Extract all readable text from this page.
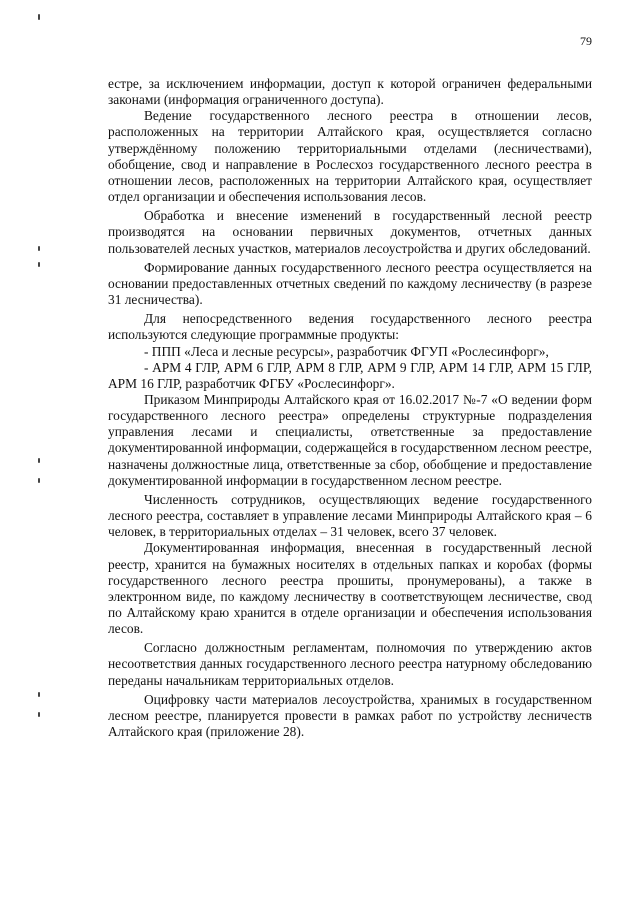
79

естре, за исключением информации, доступ к которой ограничен федеральными законами (информация ограниченного доступа).

Ведение государственного лесного реестра в отношении лесов, расположенных на территории Алтайского края, осуществляется согласно утверждённому положению территориальными отделами (лесничествами), обобщение, свод и направление в Рослесхоз государственного лесного реестра в отношении лесов, расположенных на территории Алтайского края, осуществляет отдел организации и обеспечения использования лесов.

Обработка и внесение изменений в государственный лесной реестр производятся на основании первичных документов, отчетных данных пользователей лесных участков, материалов лесоустройства и других обследований.

Формирование данных государственного лесного реестра осуществляется на основании предоставленных отчетных сведений по каждому лесничеству (в разрезе 31 лесничества).

Для непосредственного ведения государственного лесного реестра используются следующие программные продукты:

- ППП «Леса и лесные ресурсы», разработчик ФГУП «Рослесинфорг»,

- АРМ 4 ГЛР, АРМ 6 ГЛР, АРМ 8 ГЛР, АРМ 9 ГЛР, АРМ 14 ГЛР, АРМ 15 ГЛР, АРМ 16 ГЛР, разработчик ФГБУ «Рослесинфорг».

Приказом Минприроды Алтайского края от 16.02.2017 №-7 «О ведении форм государственного лесного реестра» определены структурные подразделения управления лесами и специалисты, ответственные за предоставление документированной информации, содержащейся в государственном лесном реестре, назначены должностные лица, ответственные за сбор, обобщение и предоставление документированной информации в государственном лесном реестре.

Численность сотрудников, осуществляющих ведение государственного лесного реестра, составляет в управление лесами Минприроды Алтайского края – 6 человек, в территориальных отделах – 31 человек, всего 37 человек.

Документированная информация, внесенная в государственный лесной реестр, хранится на бумажных носителях в отдельных папках и коробах (формы государственного лесного реестра прошиты, пронумерованы), а также в электронном виде, по каждому лесничеству в соответствующем лесничестве, свод по Алтайскому краю хранится в отделе организации и обеспечения использования лесов.

Согласно должностным регламентам, полномочия по утверждению актов несоответствия данных государственного лесного реестра натурному обследованию переданы начальникам территориальных отделов.

Оцифровку части материалов лесоустройства, хранимых в государственном лесном реестре, планируется провести в рамках работ по устройству лесничеств Алтайского края (приложение 28).
